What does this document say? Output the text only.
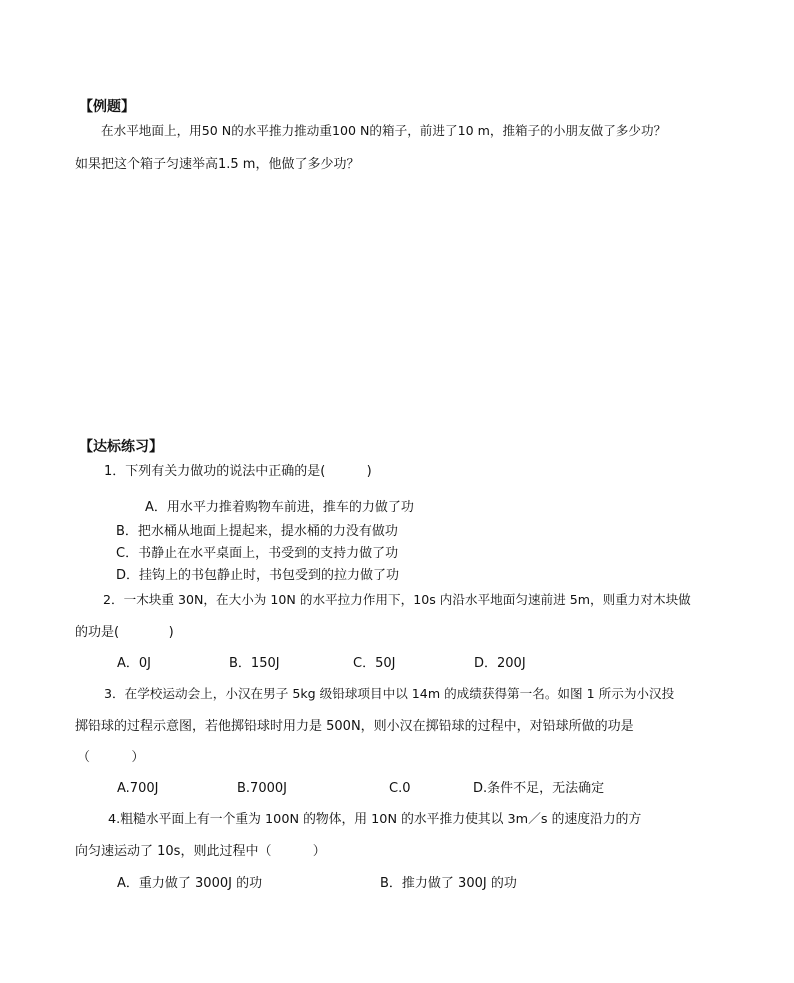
【例题】
在水平地面上，用50 N的水平推力推动重100 N的箱子，前进了10 m，推箱子的小朋友做了多少功？
如果把这个箱子匀速举高1.5 m，他做了多少功？
【达标练习】
1．下列有关力做功的说法中正确的是(          )
A．用水平力推着购物车前进，推车的力做了功
B．把水桶从地面上提起来，提水桶的力没有做功
C．书静止在水平桌面上，书受到的支持力做了功
D．挂钩上的书包静止时，书包受到的拉力做了功
2．一木块重 30N，在大小为 10N 的水平拉力作用下，10s 内沿水平地面匀速前进 5m，则重力对木块做
的功是(            )
A．0J	B．150J	C．50J	D．200J
3．在学校运动会上，小汉在男子 5kg 级铅球项目中以 14m 的成绩获得第一名。如图 1 所示为小汉投
掷铅球的过程示意图，若他掷铅球时用力是 500N，则小汉在掷铅球的过程中，对铅球所做的功是
（          ）
A.700J	B.7000J	C.0	D.条件不足，无法确定
4.粗糙水平面上有一个重为 100N 的物体，用 10N 的水平推力使其以 3m／s 的速度沿力的方
向匀速运动了 10s，则此过程中（          ）
A．重力做了 3000J 的功	B．推力做了 300J 的功
